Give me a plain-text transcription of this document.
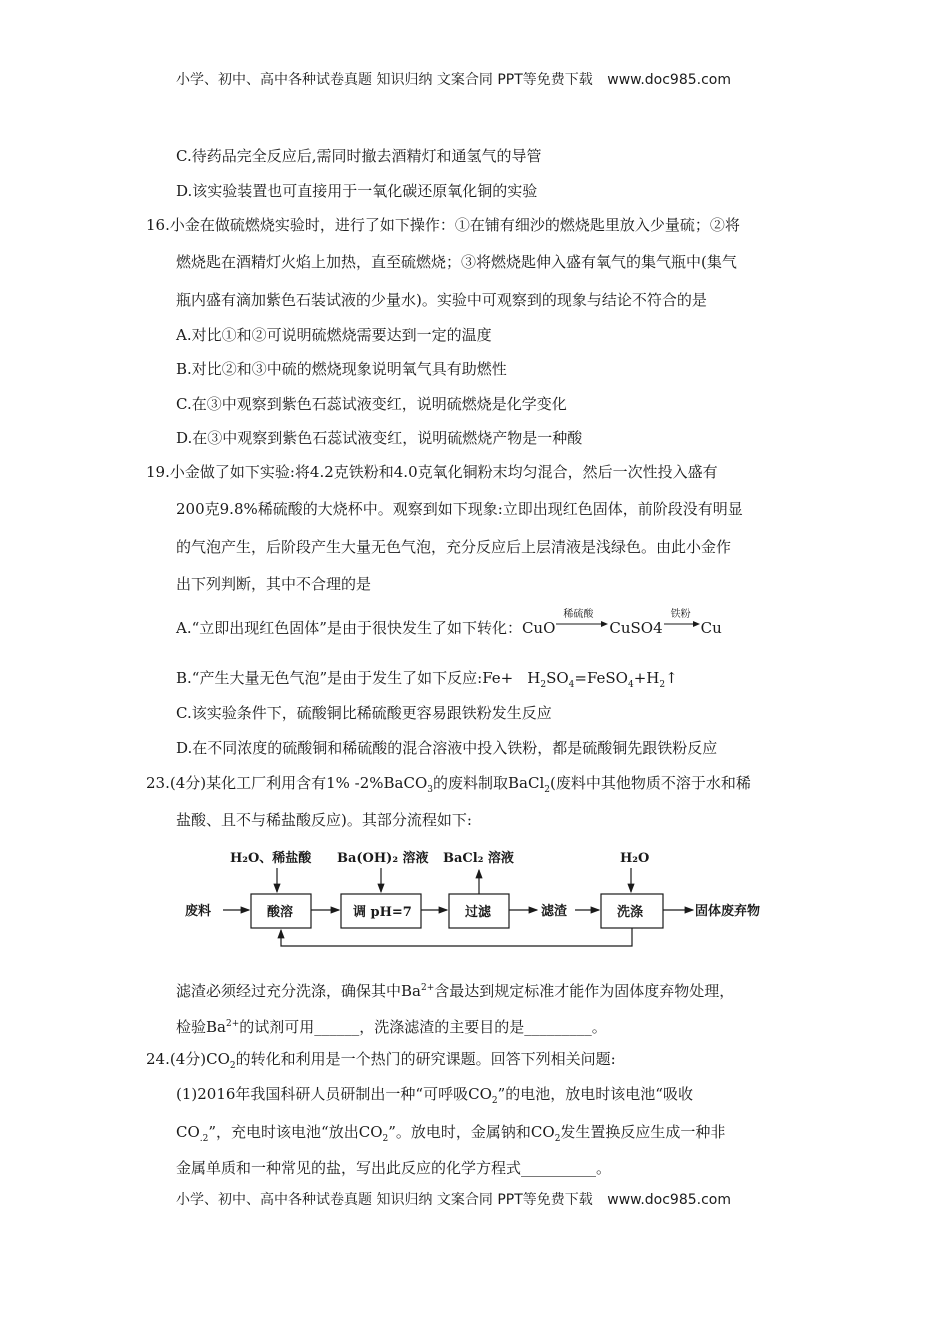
小学、初中、高中各种试卷真题 知识归纳 文案合同 PPT等免费下载 www.doc985.com
C.待药品完全反应后,需同时撤去酒精灯和通氢气的导管
D.该实验装置也可直接用于一氧化碳还原氧化铜的实验
16.小金在做硫燃烧实验时，进行了如下操作：①在铺有细沙的燃烧匙里放入少量硫；②将
燃烧匙在酒精灯火焰上加热，直至硫燃烧；③将燃烧匙伸入盛有氧气的集气瓶中(集气
瓶内盛有滴加紫色石装试液的少量水)。实验中可观察到的现象与结论不符合的是
A.对比①和②可说明硫燃烧需要达到一定的温度
B.对比②和③中硫的燃烧现象说明氧气具有助燃性
C.在③中观察到紫色石蕊试液变红，说明硫燃烧是化学变化
D.在③中观察到紫色石蕊试液变红，说明硫燃烧产物是一种酸
19.小金做了如下实验:将4.2克铁粉和4.0克氧化铜粉末均匀混合，然后一次性投入盛有
200克9.8%稀硫酸的大烧杯中。观察到如下现象:立即出现红色固体，前阶段没有明显
的气泡产生，后阶段产生大量无色气泡，充分反应后上层清液是浅绿色。由此小金作
出下列判断，其中不合理的是
A.“立即出现红色固体”是由于很快发生了如下转化：CuO
稀硫酸
CuSO4
铁粉
Cu
B.“产生大量无色气泡”是由于发生了如下反应:Fe+ $H_2SO_4=FeSO_4+H_2↑$
C.该实验条件下，硫酸铜比稀硫酸更容易跟铁粉发生反应
D.在不同浓度的硫酸铜和稀硫酸的混合溶液中投入铁粉，都是硫酸铜先跟铁粉反应
23.(4分)某化工厂利用含有1% -2%BaCO$_3$的废料制取BaCl$_2$(废料中其他物质不溶于水和稀
盐酸、且不与稀盐酸反应)。其部分流程如下:
H₂O、稀盐酸 Ba(OH)₂ 溶液 BaCl₂ 溶液	H₂O
废料	酸溶	调 pH=7	过滤	滤渣	洗涤	固体废弃物
滤渣必须经过充分洗涤，确保其中$Ba^{2+}$含最达到规定标准才能作为固体度弃物处理，
检验$Ba^{2+}$的试剂可用______，洗涤滤渣的主要目的是_________。
24.(4分)$CO_2$的转化和利用是一个热门的研究课题。回答下列相关问题:
(1)2016年我国科研人员研制出一种“可呼吸$CO_2$”的电池，放电时该电池“吸收
$CO_{.2}$”，充电时该电池“放出$CO_2$”。放电时，金属钠和$CO_2$发生置换反应生成一种非
金属单质和一种常见的盐，写出此反应的化学方程式__________。
小学、初中、高中各种试卷真题 知识归纳 文案合同 PPT等免费下载 www.doc985.com
